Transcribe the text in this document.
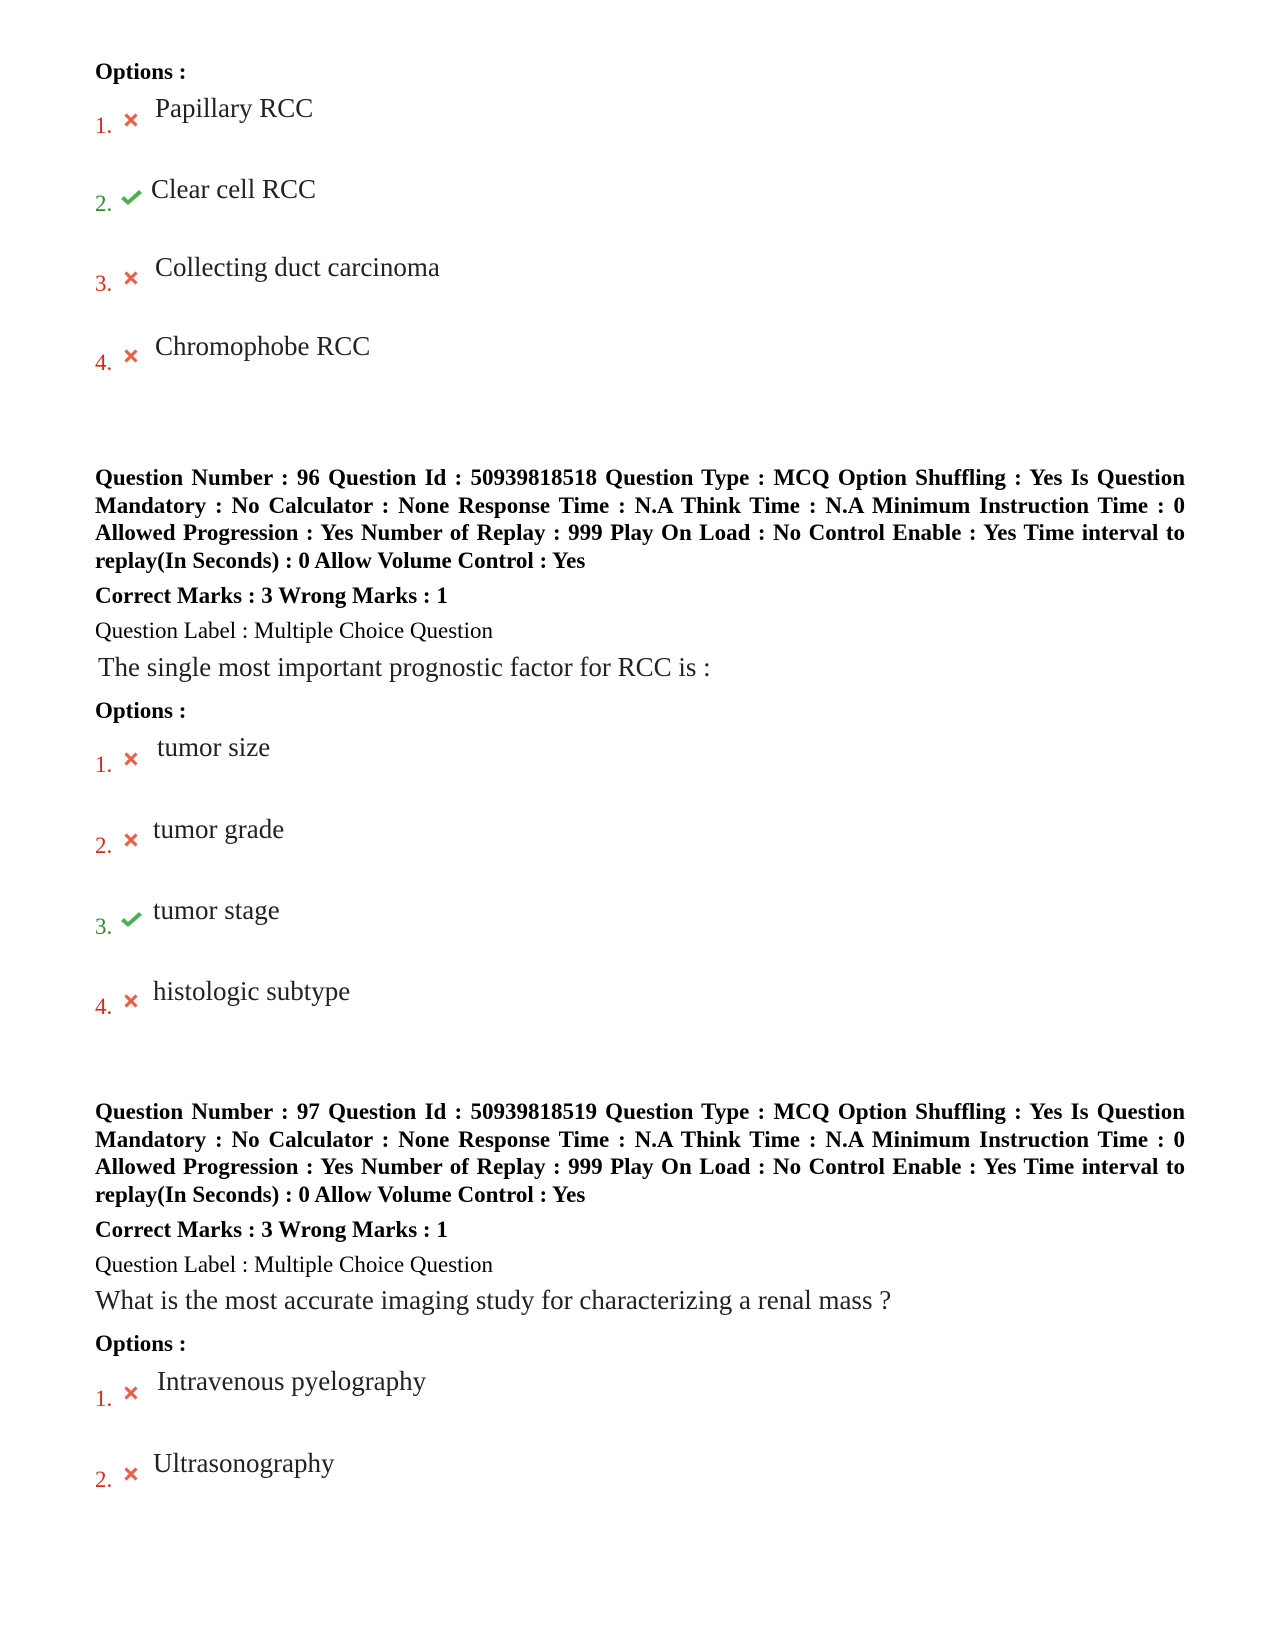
Options :
1.
Papillary RCC
2. Clear cell RCC
3.
Collecting duct carcinoma
4.
Chromophobe RCC
Question Number : 96 Question Id : 50939818518 Question Type : MCQ Option Shuffling : Yes Is Question Mandatory : No Calculator : None Response Time : N.A Think Time : N.A Minimum Instruction Time : 0 Allowed Progression : Yes Number of Replay : 999 Play On Load : No Control Enable : Yes Time interval to replay(In Seconds) : 0 Allow Volume Control : Yes
Correct Marks : 3 Wrong Marks : 1
Question Label : Multiple Choice Question
The single most important prognostic factor for RCC is :
Options :
1.
tumor size
2.
tumor grade
3.
tumor stage
4.
histologic subtype
Question Number : 97 Question Id : 50939818519 Question Type : MCQ Option Shuffling : Yes Is Question Mandatory : No Calculator : None Response Time : N.A Think Time : N.A Minimum Instruction Time : 0 Allowed Progression : Yes Number of Replay : 999 Play On Load : No Control Enable : Yes Time interval to replay(In Seconds) : 0 Allow Volume Control : Yes
Correct Marks : 3 Wrong Marks : 1
Question Label : Multiple Choice Question
What is the most accurate imaging study for characterizing a renal mass ?
Options :
1.
Intravenous pyelography
2.
Ultrasonography
